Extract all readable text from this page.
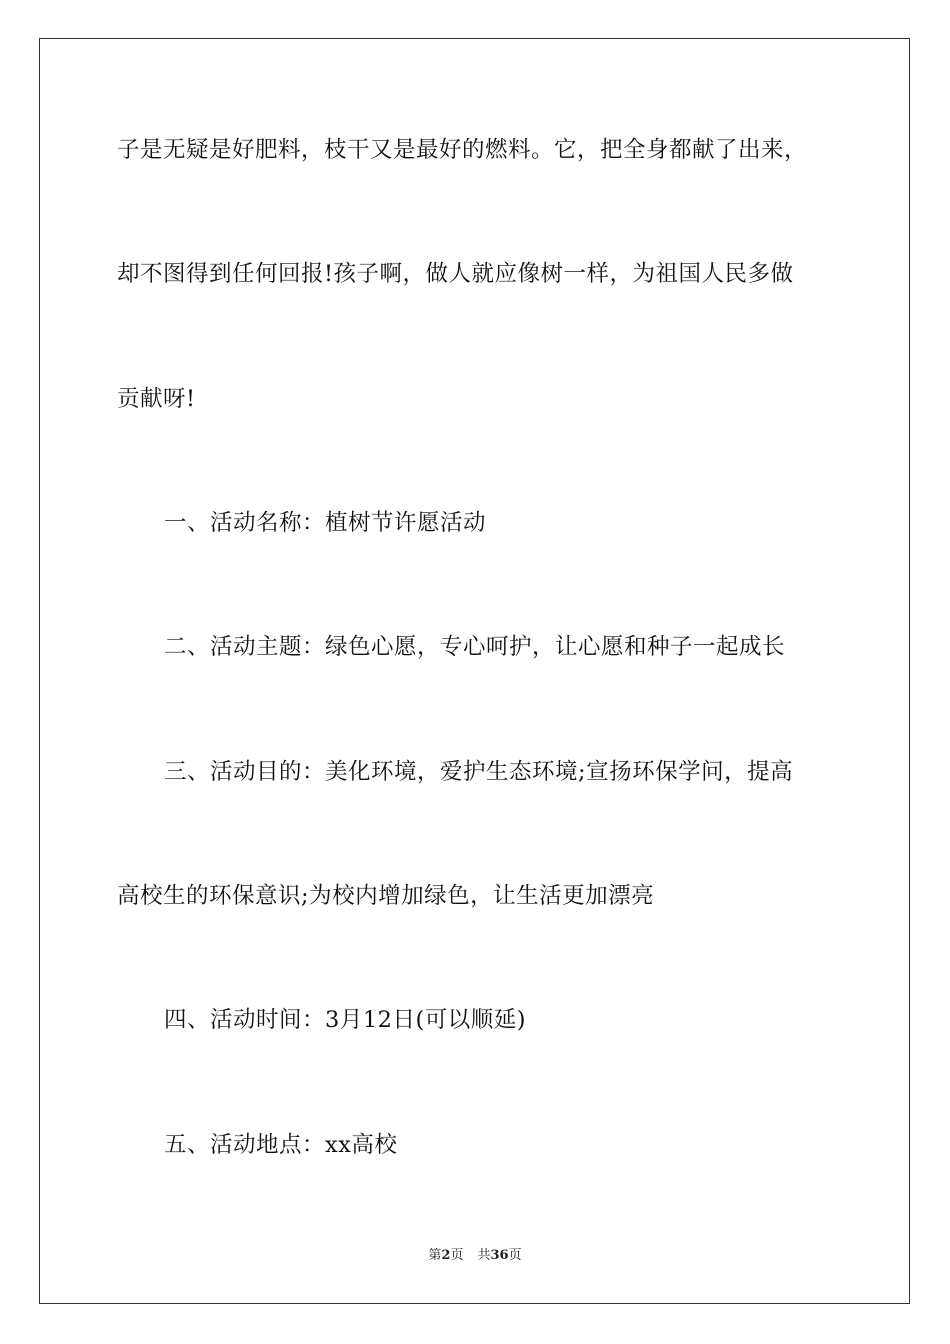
子是无疑是好肥料，枝干又是最好的燃料。它，把全身都献了出来，
却不图得到任何回报!孩子啊，做人就应像树一样，为祖国人民多做
贡献呀!
一、活动名称：植树节许愿活动
二、活动主题：绿色心愿，专心呵护，让心愿和种子一起成长
三、活动目的：美化环境，爱护生态环境;宣扬环保学问，提高
高校生的环保意识;为校内增加绿色，让生活更加漂亮
四、活动时间：3月12日(可以顺延)
五、活动地点：xx高校
第2页 共36页
